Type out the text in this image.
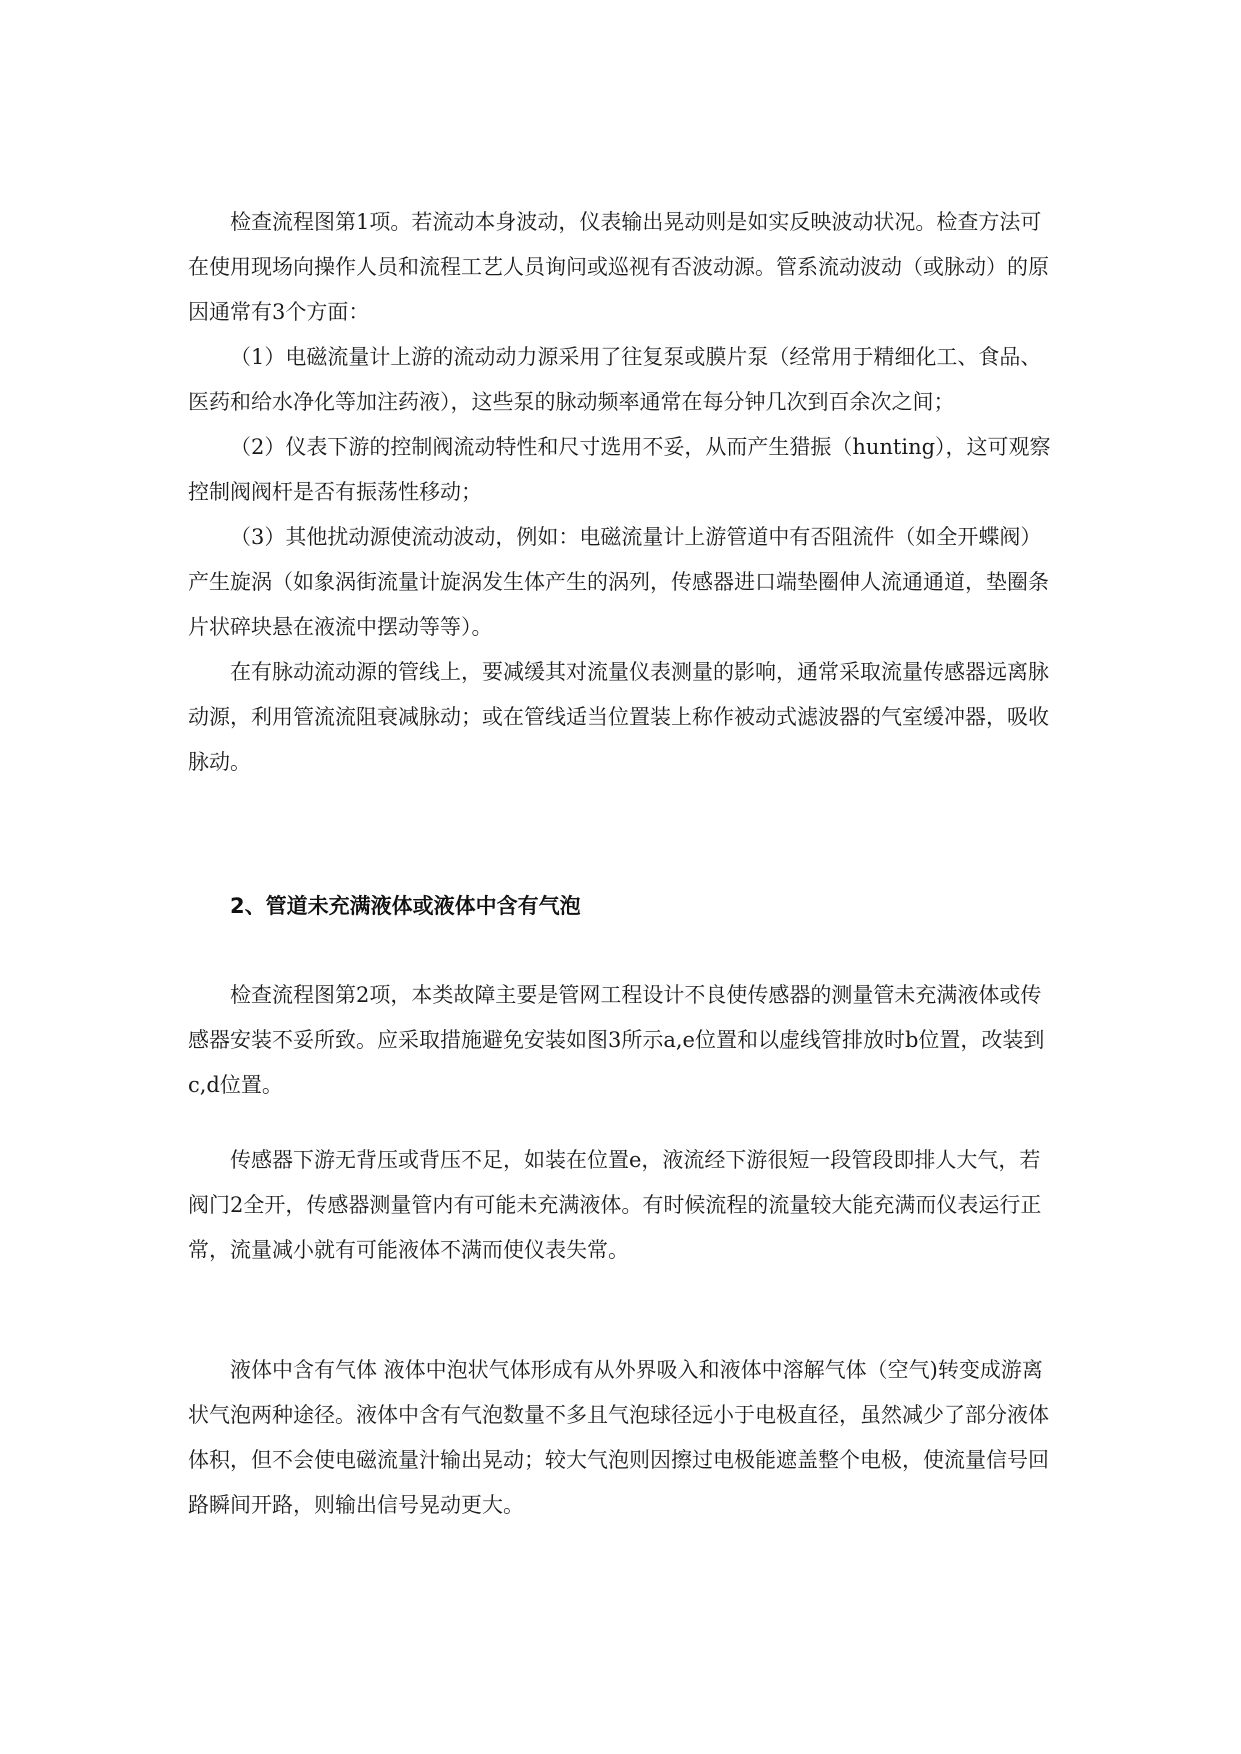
检查流程图第1项。若流动本身波动，仪表输出晃动则是如实反映波动状况。检查方法可在使用现场向操作人员和流程工艺人员询问或巡视有否波动源。管系流动波动（或脉动）的原因通常有3个方面：

（1）电磁流量计上游的流动动力源采用了往复泵或膜片泵（经常用于精细化工、食品、医药和给水净化等加注药液），这些泵的脉动频率通常在每分钟几次到百余次之间；

（2）仪表下游的控制阀流动特性和尺寸选用不妥，从而产生猎振（hunting），这可观察控制阀阀杆是否有振荡性移动；

（3）其他扰动源使流动波动，例如：电磁流量计上游管道中有否阻流件（如全开蝶阀）产生旋涡（如象涡街流量计旋涡发生体产生的涡列，传感器进口端垫圈伸人流通通道，垫圈条片状碎块悬在液流中摆动等等）。

在有脉动流动源的管线上，要减缓其对流量仪表测量的影响，通常采取流量传感器远离脉动源，利用管流流阻衰减脉动；或在管线适当位置装上称作被动式滤波器的气室缓冲器，吸收脉动。

2、管道未充满液体或液体中含有气泡

检查流程图第2项，本类故障主要是管网工程设计不良使传感器的测量管未充满液体或传感器安装不妥所致。应采取措施避免安装如图3所示a,e位置和以虚线管排放时b位置，改装到c,d位置。

传感器下游无背压或背压不足，如装在位置e，液流经下游很短一段管段即排人大气，若阀门2全开，传感器测量管内有可能未充满液体。有时候流程的流量较大能充满而仪表运行正常，流量减小就有可能液体不满而使仪表失常。

液体中含有气体 液体中泡状气体形成有从外界吸入和液体中溶解气体（空气)转变成游离状气泡两种途径。液体中含有气泡数量不多且气泡球径远小于电极直径，虽然减少了部分液体体积，但不会使电磁流量汁输出晃动；较大气泡则因擦过电极能遮盖整个电极，使流量信号回路瞬间开路，则输出信号晃动更大。
